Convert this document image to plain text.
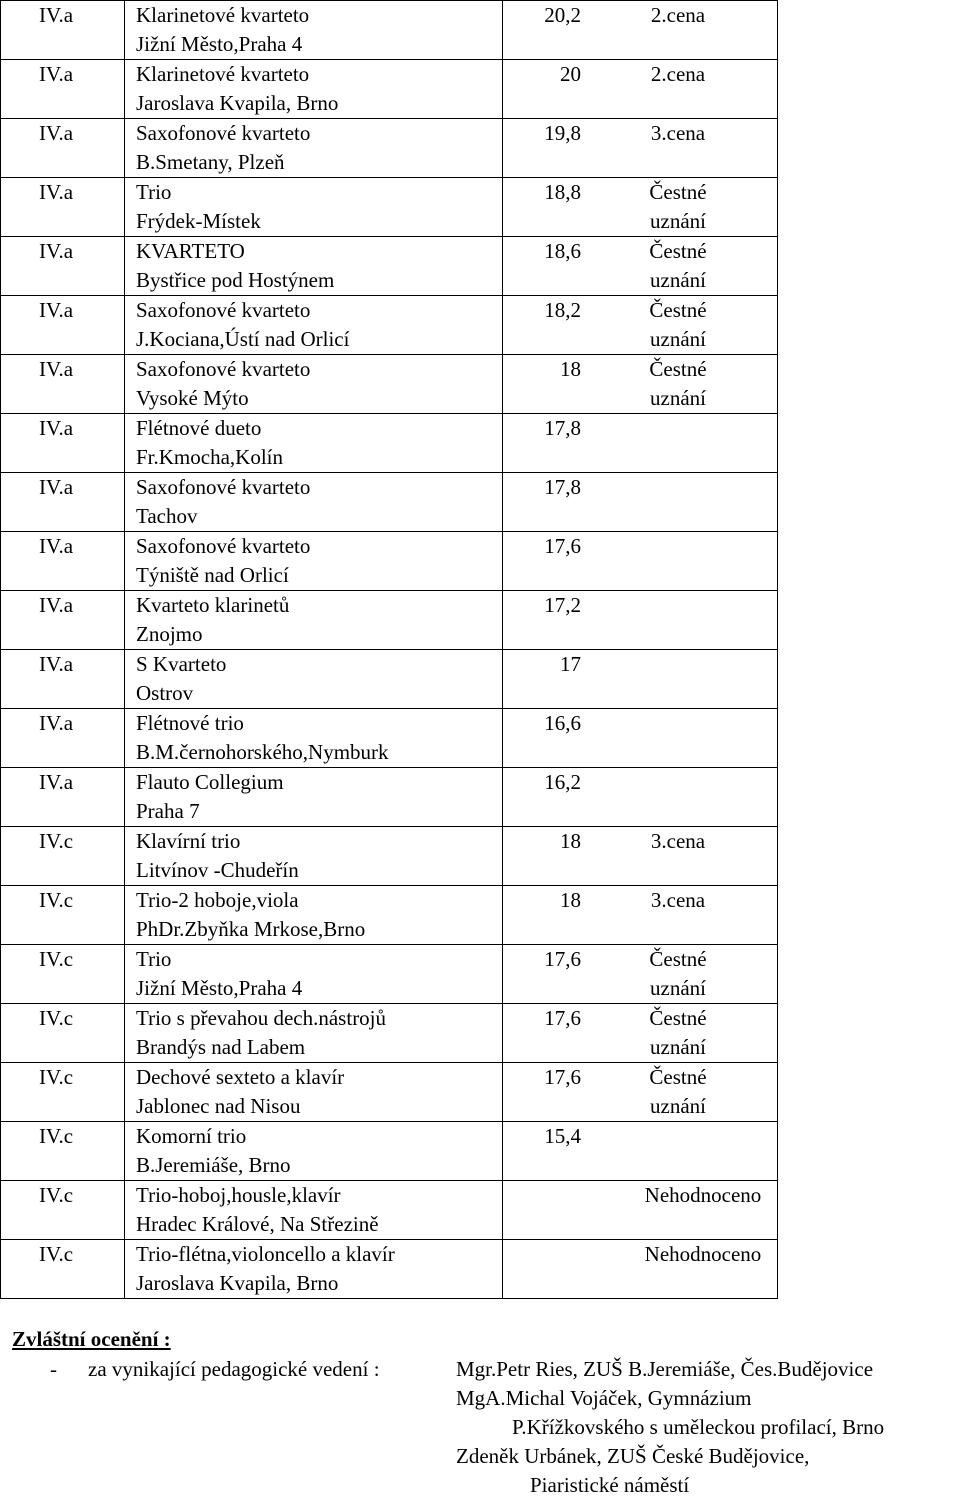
IV.a	Klarinetové kvarteto
Jižní Město,Praha 4	20,2 2.cena

IV.a	Klarinetové kvarteto
Jaroslava Kvapila, Brno	20 2.cena

IV.a	Saxofonové kvarteto
B.Smetany, Plzeň	19,8 3.cena

IV.a	Trio
Frýdek-Místek	18,8 Čestné uznání

IV.a	KVARTETO
Bystřice pod Hostýnem	18,6 Čestné uznání

IV.a	Saxofonové kvarteto
J.Kociana,Ústí nad Orlicí	18,2 Čestné uznání

IV.a	Saxofonové kvarteto
Vysoké Mýto	18 Čestné uznání

IV.a	Flétnové dueto
Fr.Kmocha,Kolín	17,8

IV.a	Saxofonové kvarteto
Tachov	17,8

IV.a	Saxofonové kvarteto
Týniště nad Orlicí	17,6

IV.a	Kvarteto klarinetů
Znojmo	17,2

IV.a	S Kvarteto
Ostrov	17

IV.a	Flétnové trio
B.M.černohorského,Nymburk	16,6

IV.a	Flauto Collegium
Praha 7	16,2

IV.c	Klavírní trio
Litvínov -Chudeřín	18 3.cena

IV.c	Trio-2 hoboje,viola
PhDr.Zbyňka Mrkose,Brno	18 3.cena

IV.c	Trio
Jižní Město,Praha 4	17,6 Čestné uznání

IV.c	Trio s převahou dech.nástrojů
Brandýs nad Labem	17,6 Čestné uznání

IV.c	Dechové sexteto a klavír
Jablonec nad Nisou	17,6 Čestné uznání

IV.c	Komorní trio
B.Jeremiáše, Brno	15,4

IV.c	Trio-hoboj,housle,klavír
Hradec Králové, Na Střezině	Nehodnoceno

IV.c	Trio-flétna,violoncello a klavír
Jaroslava Kvapila, Brno	Nehodnoceno
Zvláštní ocenění :
- za vynikající pedagogické vedení :	Mgr.Petr Ries, ZUŠ B.Jeremiáše, Čes.Budějovice
MgA.Michal Vojáček, Gymnázium
P.Křížkovského s uměleckou profilací, Brno
Zdeněk Urbánek, ZUŠ České Budějovice,
Piaristické náměstí
